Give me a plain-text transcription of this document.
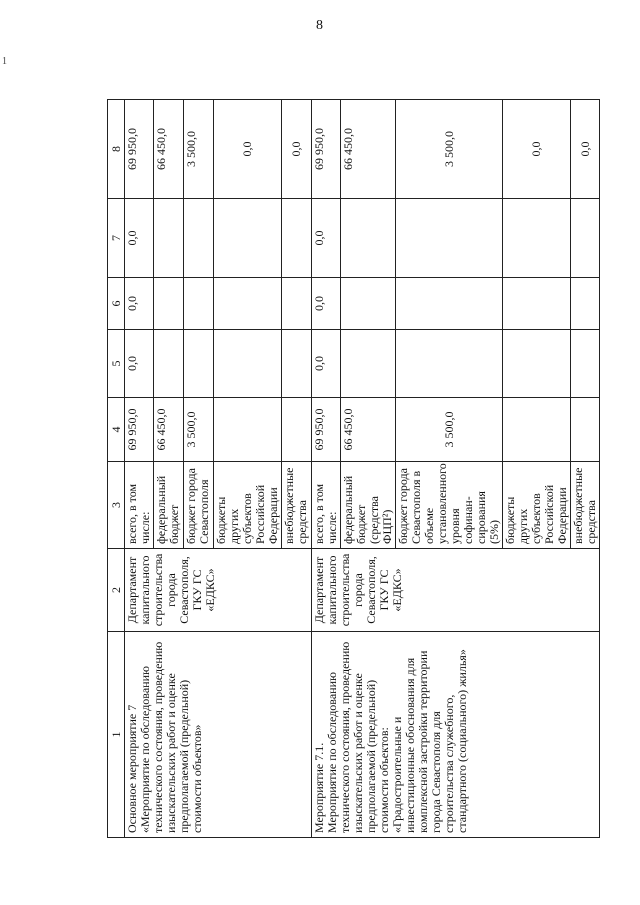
8
1
1	2	3	4	5	6	7	8
Основное мероприятие 7
«Мероприятие по обследованию технического состояния, проведению изыскательских работ и оценке предполагаемой (предельной) стоимости объектов»	Департамент капитального строительства города Севастополя, ГКУ ГС «ЕДКС»	всего, в том числе:	69 950,0	0,0	0,0	0,0	69 950,0
		федеральный бюджет	66 450,0				66 450,0
		бюджет города Севастополя	3 500,0				3 500,0
		бюджеты других субъектов Российской Федерации					0,0
		внебюджетные средства					0,0
Мероприятие 7.1.
Мероприятие по обследованию технического состояния, проведению изыскательских работ и оценке предполагаемой (предельной) стоимости объектов: «Градостроительные и инвестиционные обоснования для комплексной застройки территории города Севастополя для строительства служебного, стандартного (социального) жилья»	Департамент капитального строительства города Севастополя, ГКУ ГС «ЕДКС»	всего, в том числе:	69 950,0	0,0	0,0	0,0	69 950,0
		федеральный бюджет (средства ФЦП²)	66 450,0				66 450,0
		бюджет города Севастополя в объеме установленного уровня софинан-сирования (5%)	3 500,0				3 500,0
		бюджеты других субъектов Российской Федерации					0,0
		внебюджетные средства					0,0
